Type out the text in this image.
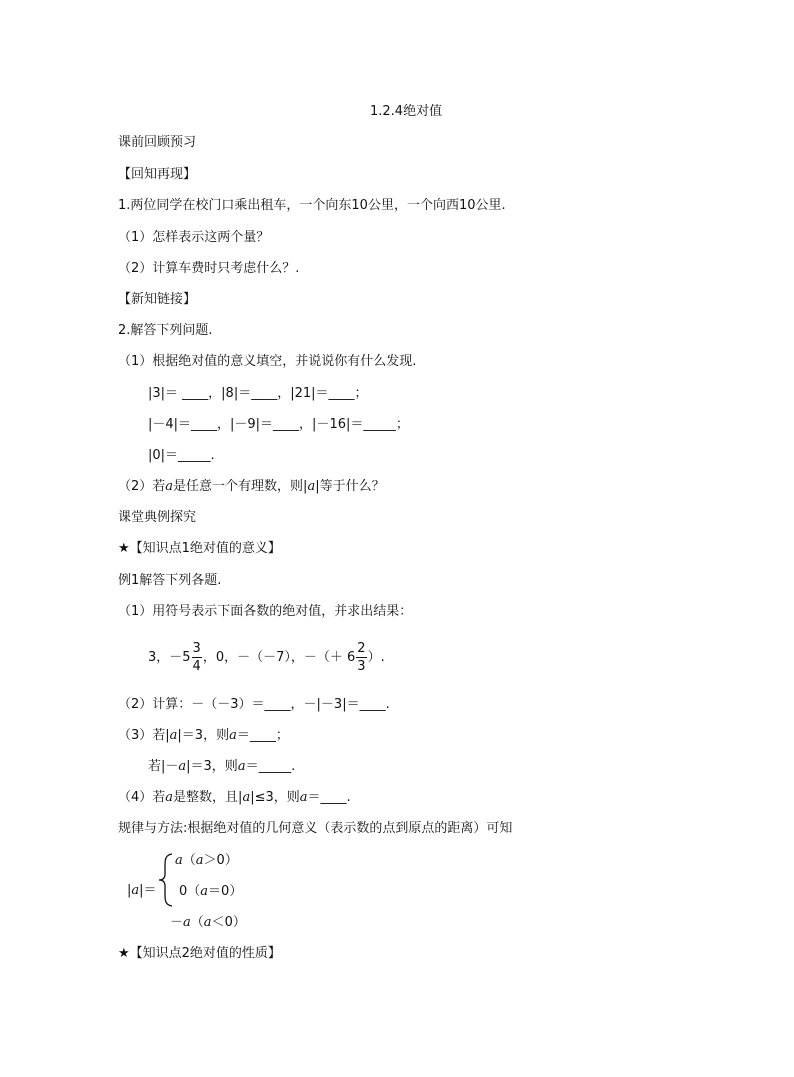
1.2.4绝对值
课前回顾预习
【回知再现】
1.两位同学在校门口乘出租车，一个向东10公里，一个向西10公里.
（1）怎样表示这两个量？
（2）计算车费时只考虑什么？.
【新知链接】
2.解答下列问题.
（1）根据绝对值的意义填空，并说说你有什么发现.
|3|＝ ____，|8|＝____，|21|＝____；
|－4|＝____，|－9|＝____，|－16|＝_____；
|0|＝_____.
（2）若a是任意一个有理数，则|a|等于什么？
课堂典例探究
★【知识点1绝对值的意义】
例1解答下列各题.
（1）用符号表示下面各数的绝对值，并求出结果：
3，$-5 \frac{3}{4}$ ，0，－（－7），－（＋ $6 \frac{2}{3}$ ）.
（2）计算：－（－3）＝____，－|－3|＝____.
（3）若|a|＝3，则a＝____；
若|－a|＝3，则a＝_____.
（4）若a是整数，且|a|≤3，则a＝____.
规律与方法:根据绝对值的几何意义（表示数的点到原点的距离）可知
|a|＝
a（a＞0）
0（a＝0）
－a（a＜0）
★【知识点2绝对值的性质】
